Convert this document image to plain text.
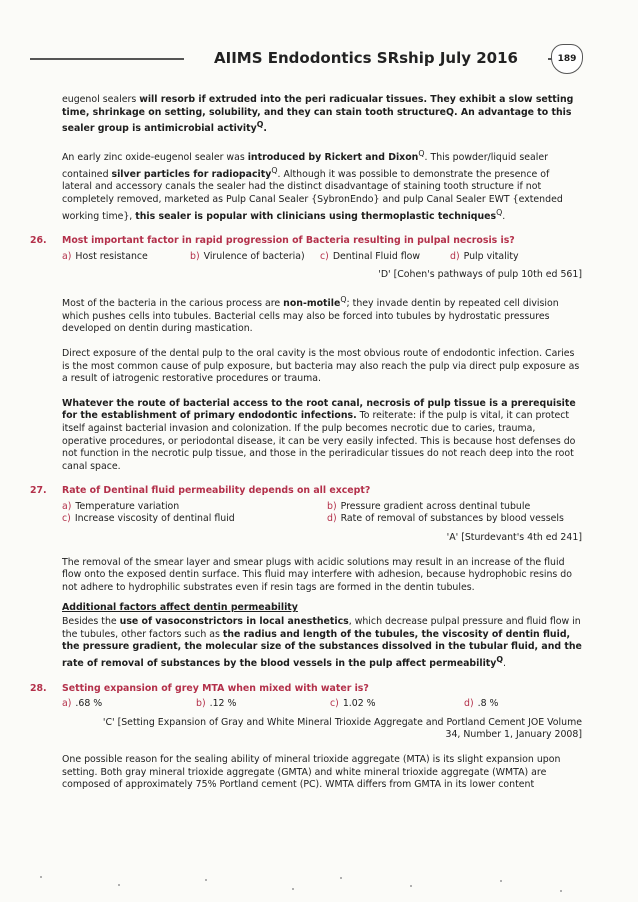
AIIMS Endodontics SRship July 2016	189

eugenol sealers will resorb if extruded into the peri radicualar tissues. They exhibit a slow setting time, shrinkage on setting, solubility, and they can stain tooth structureQ. An advantage to this sealer group is antimicrobial activity$^Q$.

An early zinc oxide-eugenol sealer was introduced by Rickert and Dixon$^Q$. This powder/liquid sealer contained silver particles for radiopacity$^Q$. Although it was possible to demonstrate the presence of lateral and accessory canals the sealer had the distinct disadvantage of staining tooth structure if not completely removed, marketed as Pulp Canal Sealer {SybronEndo} and pulp Canal Sealer EWT {extended working time}, this sealer is popular with clinicians using thermoplastic techniques$^Q$.

26. Most important factor in rapid progression of Bacteria resulting in pulpal necrosis is?
a) Host resistance	b) Virulence of bacteria)	c) Dentinal Fluid flow	d) Pulp vitality
'D' [Cohen's pathways of pulp 10th ed 561]

Most of the bacteria in the carious process are non-motile$^Q$; they invade dentin by repeated cell division which pushes cells into tubules. Bacterial cells may also be forced into tubules by hydrostatic pressures developed on dentin during mastication.

Direct exposure of the dental pulp to the oral cavity is the most obvious route of endodontic infection. Caries is the most common cause of pulp exposure, but bacteria may also reach the pulp via direct pulp exposure as a result of iatrogenic restorative procedures or trauma.

Whatever the route of bacterial access to the root canal, necrosis of pulp tissue is a prerequisite for the establishment of primary endodontic infections. To reiterate: if the pulp is vital, it can protect itself against bacterial invasion and colonization. If the pulp becomes necrotic due to caries, trauma, operative procedures, or periodontal disease, it can be very easily infected. This is because host defenses do not function in the necrotic pulp tissue, and those in the periradicular tissues do not reach deep into the root canal space.

27. Rate of Dentinal fluid permeability depends on all except?
a) Temperature variation	b) Pressure gradient across dentinal tubule
c) Increase viscosity of dentinal fluid	d) Rate of removal of substances by blood vessels
'A' [Sturdevant's 4th ed 241]

The removal of the smear layer and smear plugs with acidic solutions may result in an increase of the fluid flow onto the exposed dentin surface. This fluid may interfere with adhesion, because hydrophobic resins do not adhere to hydrophilic substrates even if resin tags are formed in the dentin tubules.

Additional factors affect dentin permeability

Besides the use of vasoconstrictors in local anesthetics, which decrease pulpal pressure and fluid flow in the tubules, other factors such as the radius and length of the tubules, the viscosity of dentin fluid, the pressure gradient, the molecular size of the substances dissolved in the tubular fluid, and the rate of removal of substances by the blood vessels in the pulp affect permeability$^Q$.

28. Setting expansion of grey MTA when mixed with water is?
a) .68 %	b) .12 %	c) 1.02 %	d) .8 %
'C' [Setting Expansion of Gray and White Mineral Trioxide Aggregate and Portland Cement JOE Volume
34, Number 1, January 2008]

One possible reason for the sealing ability of mineral trioxide aggregate (MTA) is its slight expansion upon setting. Both gray mineral trioxide aggregate (GMTA) and white mineral trioxide aggregate (WMTA) are composed of approximately 75% Portland cement (PC). WMTA differs from GMTA in its lower content
